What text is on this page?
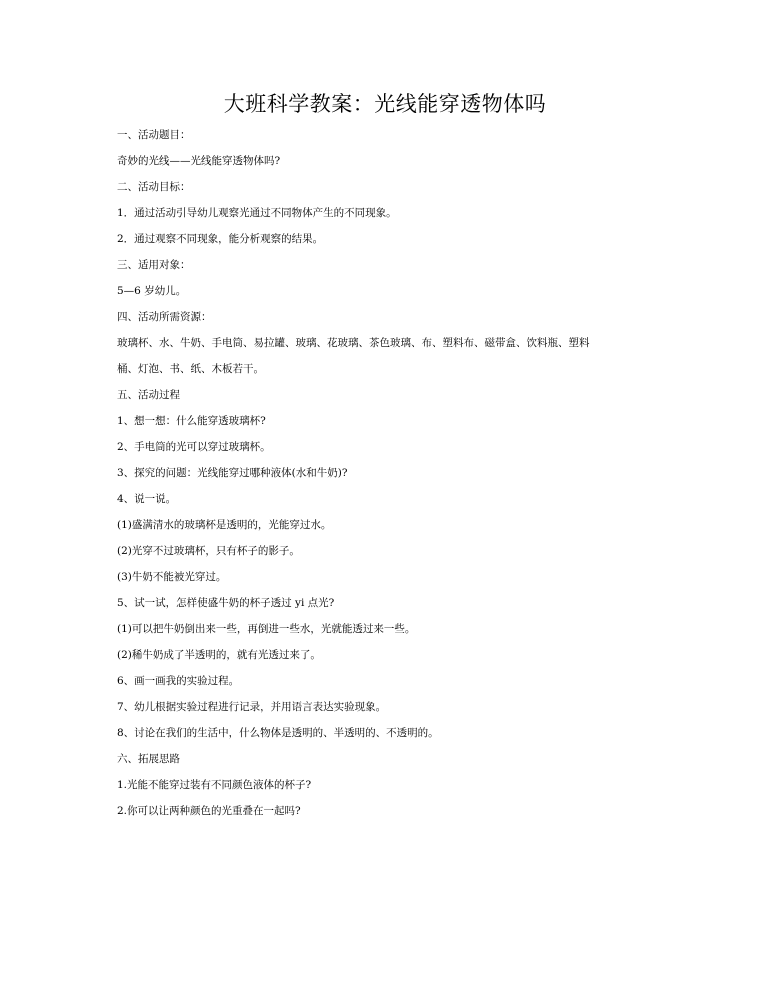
大班科学教案：光线能穿透物体吗

一、活动题目：

奇妙的光线——光线能穿透物体吗?

二、活动目标：

1．通过活动引导幼儿观察光通过不同物体产生的不同现象。

2．通过观察不同现象，能分析观察的结果。

三、适用对象：

5—6 岁幼儿。

四、活动所需资源：

玻璃杯、水、牛奶、手电筒、易拉罐、玻璃、花玻璃、茶色玻璃、布、塑料布、磁带盒、饮料瓶、塑料

桶、灯泡、书、纸、木板若干。

五、活动过程

1、想一想：什么能穿透玻璃杯?

2、手电筒的光可以穿过玻璃杯。

3、探究的问题：光线能穿过哪种液体(水和牛奶)?

4、说一说。

(1)盛满清水的玻璃杯是透明的，光能穿过水。

(2)光穿不过玻璃杯，只有杯子的影子。

(3)牛奶不能被光穿过。

5、试一试，怎样使盛牛奶的杯子透过 yi 点光?

(1)可以把牛奶倒出来一些，再倒进一些水，光就能透过来一些。

(2)稀牛奶成了半透明的，就有光透过来了。

6、画一画我的实验过程。

7、幼儿根据实验过程进行记录，并用语言表达实验现象。

8、讨论在我们的生活中，什么物体是透明的、半透明的、不透明的。

六、拓展思路

1.光能不能穿过装有不同颜色液体的杯子?

2.你可以让两种颜色的光重叠在一起吗?
